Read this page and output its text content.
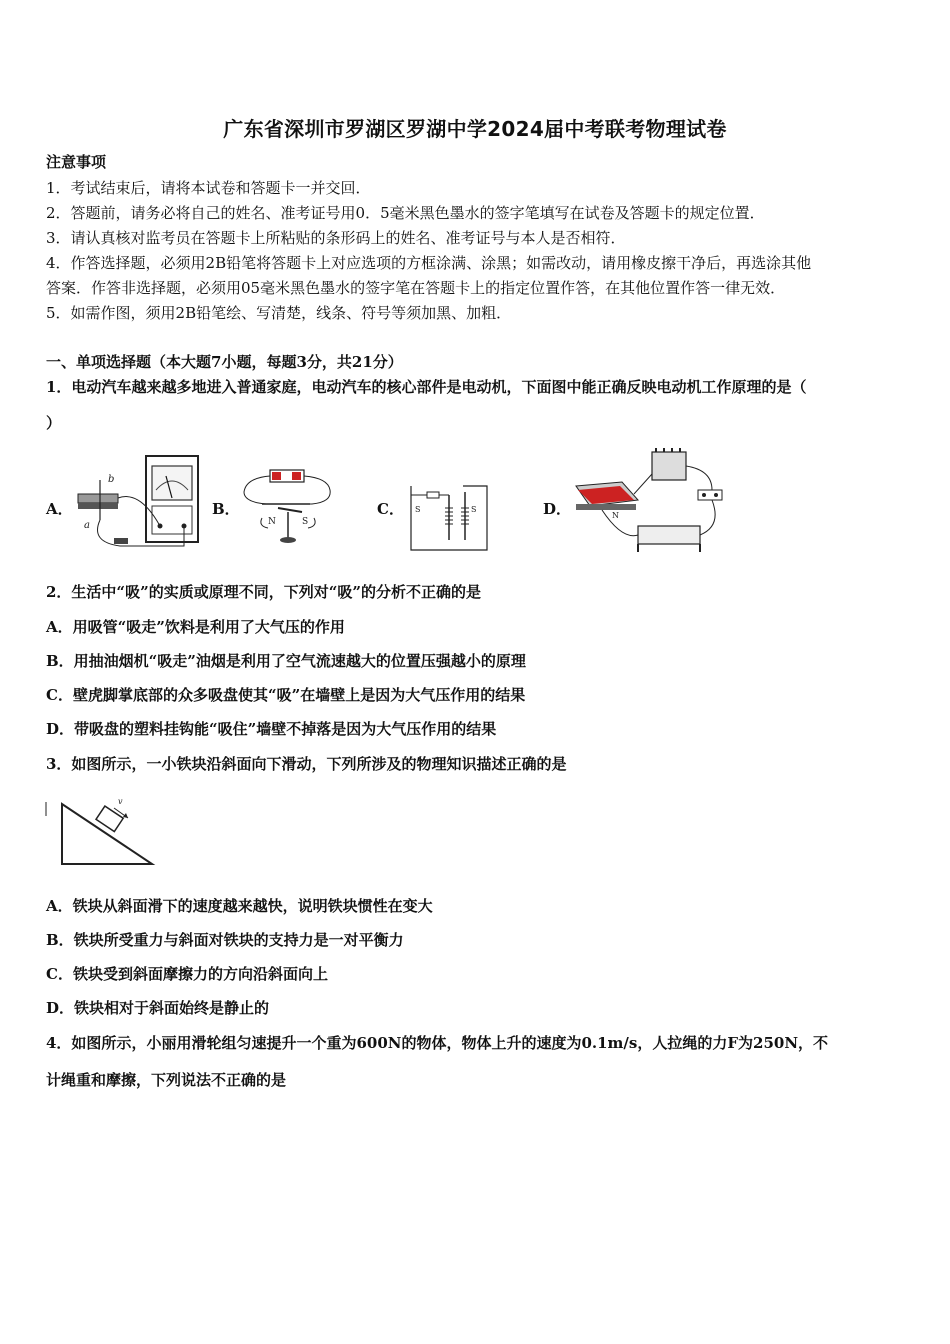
广东省深圳市罗湖区罗湖中学2024届中考联考物理试卷

注意事项

1．考试结束后，请将本试卷和答题卡一并交回．

2．答题前，请务必将自己的姓名、准考证号用0．5毫米黑色墨水的签字笔填写在试卷及答题卡的规定位置．

3．请认真核对监考员在答题卡上所粘贴的条形码上的姓名、准考证号与本人是否相符．

4．作答选择题，必须用2B铅笔将答题卡上对应选项的方框涂满、涂黑；如需改动，请用橡皮擦干净后，再选涂其他

答案．作答非选择题，必须用05毫米黑色墨水的签字笔在答题卡上的指定位置作答，在其他位置作答一律无效．

5．如需作图，须用2B铅笔绘、写清楚，线条、符号等须加黑、加粗．

一、单项选择题（本大题7小题，每题3分，共21分）

1．电动汽车越来越多地进入普通家庭，电动汽车的核心部件是电动机，下面图中能正确反映电动机工作原理的是（

）

A．	B．	C．	D．
b
a	N	S
S	S
N

2．生活中“吸”的实质或原理不同，下列对“吸”的分析不正确的是

A．用吸管“吸走”饮料是利用了大气压的作用

B．用抽油烟机“吸走”油烟是利用了空气流速越大的位置压强越小的原理

C．壁虎脚掌底部的众多吸盘使其“吸”在墙壁上是因为大气压作用的结果

D．带吸盘的塑料挂钩能“吸住”墙壁不掉落是因为大气压作用的结果

3．如图所示，一小铁块沿斜面向下滑动，下列所涉及的物理知识描述正确的是

v

A．铁块从斜面滑下的速度越来越快，说明铁块惯性在变大

B．铁块所受重力与斜面对铁块的支持力是一对平衡力

C．铁块受到斜面摩擦力的方向沿斜面向上

D．铁块相对于斜面始终是静止的

4．如图所示，小丽用滑轮组匀速提升一个重为600N的物体，物体上升的速度为0.1m/s，人拉绳的力F为250N，不

计绳重和摩擦，下列说法不正确的是
